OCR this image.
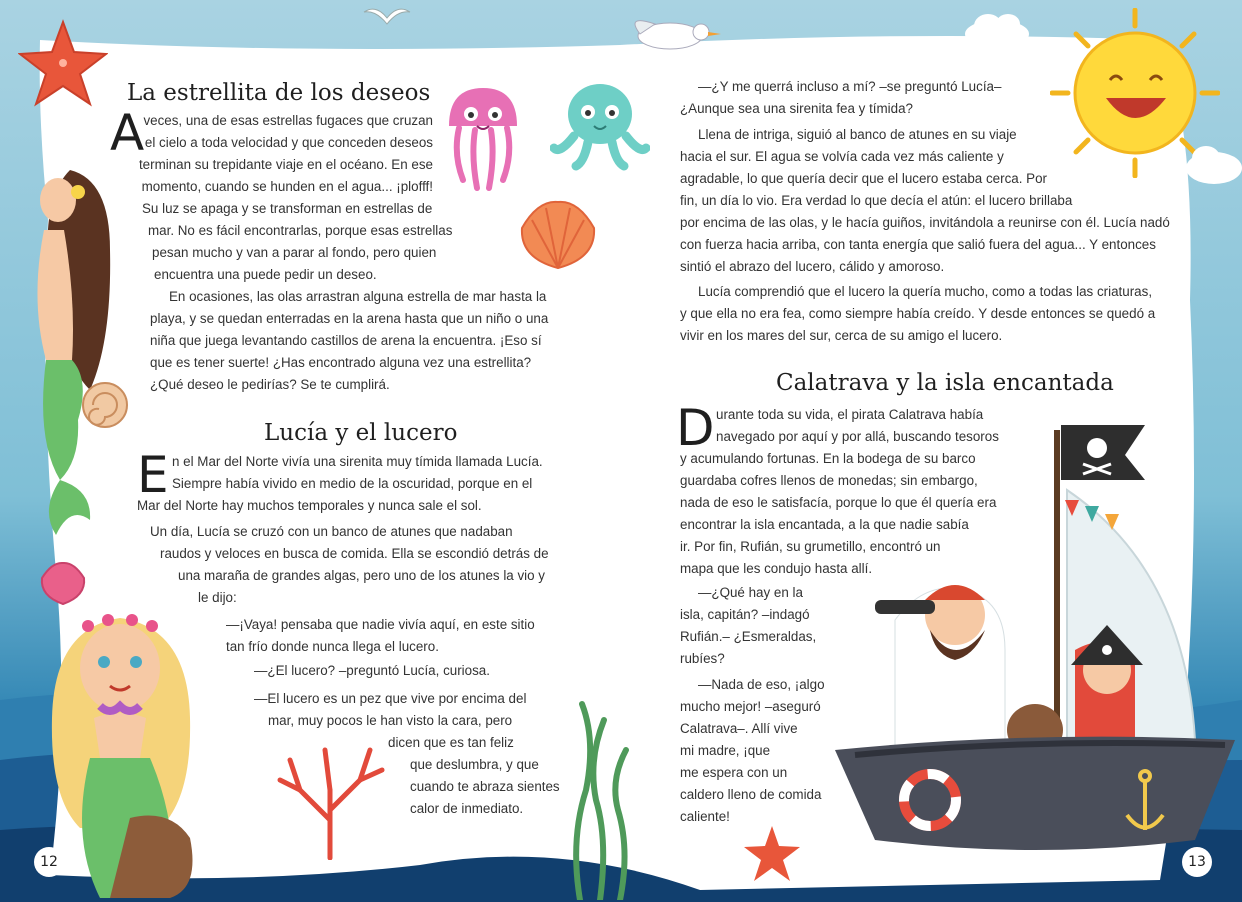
12	13
La estrellita de los deseos
A veces, una de esas estrellas fugaces que cruzan
el cielo a toda velocidad y que conceden deseos
terminan su trepidante viaje en el océano. En ese
momento, cuando se hunden en el agua... ¡plofff!
Su luz se apaga y se transforman en estrellas de
mar. No es fácil encontrarlas, porque esas estrellas
pesan mucho y van a parar al fondo, pero quien
encuentra una puede pedir un deseo.

En ocasiones, las olas arrastran alguna estrella de mar hasta la
playa, y se quedan enterradas en la arena hasta que un niño o una
niña que juega levantando castillos de arena la encuentra. ¡Eso sí
que es tener suerte! ¿Has encontrado alguna vez una estrellita?
¿Qué deseo le pedirías? Se te cumplirá.

Lucía y el lucero
E n el Mar del Norte vivía una sirenita muy tímida llamada Lucía.
Siempre había vivido en medio de la oscuridad, porque en el
Mar del Norte hay muchos temporales y nunca sale el sol.

Un día, Lucía se cruzó con un banco de atunes que nadaban
raudos y veloces en busca de comida. Ella se escondió detrás de
una maraña de grandes algas, pero uno de los atunes la vio y
le dijo:

—¡Vaya! pensaba que nadie vivía aquí, en este sitio
tan frío donde nunca llega el lucero.

—¿El lucero? –preguntó Lucía, curiosa.

—El lucero es un pez que vive por encima del
mar, muy pocos le han visto la cara, pero
dicen que es tan feliz
que deslumbra, y que
cuando te abraza sientes
calor de inmediato.

—¿Y me querrá incluso a mí? –se preguntó Lucía–
¿Aunque sea una sirenita fea y tímida?

Llena de intriga, siguió al banco de atunes en su viaje
hacia el sur. El agua se volvía cada vez más caliente y
agradable, lo que quería decir que el lucero estaba cerca. Por
fin, un día lo vio. Era verdad lo que decía el atún: el lucero brillaba
por encima de las olas, y le hacía guiños, invitándola a reunirse con él. Lucía nadó
con fuerza hacia arriba, con tanta energía que salió fuera del agua... Y entonces
sintió el abrazo del lucero, cálido y amoroso.

Lucía comprendió que el lucero la quería mucho, como a todas las criaturas,
y que ella no era fea, como siempre había creído. Y desde entonces se quedó a
vivir en los mares del sur, cerca de su amigo el lucero.

Calatrava y la isla encantada
D urante toda su vida, el pirata Calatrava había
navegado por aquí y por allá, buscando tesoros
y acumulando fortunas. En la bodega de su barco
guardaba cofres llenos de monedas; sin embargo,
nada de eso le satisfacía, porque lo que él quería era
encontrar la isla encantada, a la que nadie sabía
ir. Por fin, Rufián, su grumetillo, encontró un
mapa que les condujo hasta allí.

—¿Qué hay en la
isla, capitán? –indagó
Rufián.– ¿Esmeraldas,
rubíes?

—Nada de eso, ¡algo
mucho mejor! –aseguró
Calatrava–. Allí vive
mi madre, ¡que
me espera con un
caldero lleno de comida
caliente!
